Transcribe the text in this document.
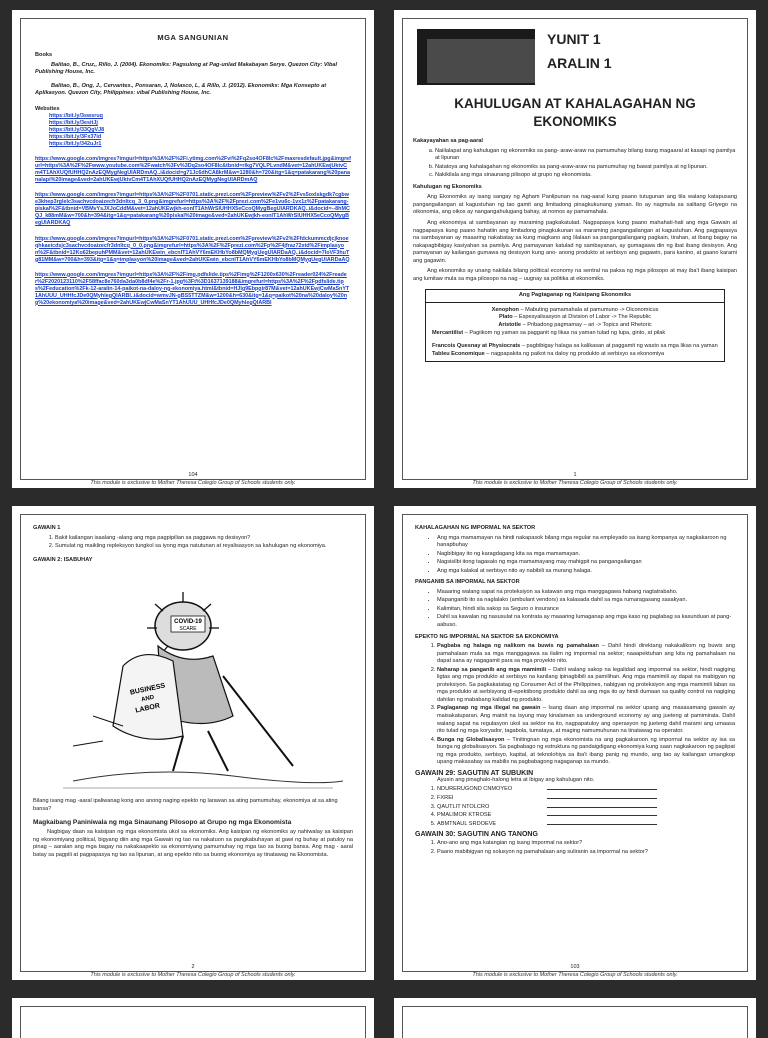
MGA SANGUNIAN
Books

Balitao, B., Cruz,, Rillo, J. (2004). Ekonomiks: Pagsulong at Pag-unlad Makabayan Serye. Quezon City: Vibal Publishing House, Inc.

Balitao, B., Ong, J., Cervantes., Ponsaran, J, Nolasco, L, & Rillo, J. (2012). Ekonomiks: Mga Konsepto at Aplikasyon. Quezon City, Philippines: vibal Publishing House, Inc.

Websites
https://bit.ly/3swsruq
https://bit.ly/3esitJj
https://bit.ly/33QgVJ8
https://bit.ly/3Fx37id
https://bit.ly/342uJr1
https://www.google.com/imgres?imgurl=https%3A%2F%2Fi.ytimg.com%2Fvi%2Fq2so4OF8lc%2Fmaxresdefault.jpg&imgrefurl=https%3A%2F%2Fwww.youtube.com%2Fwatch%3Fv%3Dq2so4OF8lc&tbnid=rlkg7VQLPLvndM&vet=12ahUKEwjUktvCm4T1AhXUQfUHHQ2nAzEQMygNegUIARDmAQ..i&docid=g71Jc6dhCA8krM&w=1280&h=720&itg=1&q=patakarang%20pananalapi%20image&ved=2ahUKEwjUktvCm4T1AhXUQfUHHQ2nAzEQMygNegUIARDmAQ
https://www.google.com/imgres?imgurl=https%3A%2F%2F0701.static.prezi.com%2Fpreview%2Fv2%2Fvs5oxlskgdk7cgbwe3khep3rglelc3sachvcdoaizecfr3dnltcq_3_0.png&imgrefurl=https%3A%2F%2Fprezi.com%2Fe1vu6c-1vx1z%2Fpatakarang-piskal%2F&tbnid=VBMvYsJXJoCddM&vet=12ahUKEwjkh-eonIT1AhWrSIUHHX5eCcoQMygBegUIARDKAQ..i&docid=--8hMCQJ_k88mM&w=700&h=394&itg=1&q=patakarang%20piskal%20image&ved=2ahUKEwjkh-eonIT1AhWrSIUHHX5eCcoQMygBegUIARDKAQ
https://www.google.com/imgres?imgurl=https%3A%2F%2F0701.static.prezi.com%2Fpreview%2Fv2%2Ffdckummcdjcjknoeqhkaeicdsjc3sachvcdoaizecfr3dnltcq_0_0.png&imgrefurl=https%3A%2F%2Fprezi.com%2Fp%2F4jfraz72xtd%2Fimplasyon%2F&tbnid=12Ko62bepuhPMM&vet=12ahUKEwin_ebcnIT1AhVY6mEKHbYo8bMQMygUegUIARDaAQ..i&docid=7IoVF3huTg81MM&w=700&h=393&itg=1&q=implasyon%20image&ved=2ahUKEwin_ebcnIT1AhVY6mEKHbYo8bMQMygUegUIARDaAQ
https://www.google.com/imgres?imgurl=https%3A%2F%2Fimg.pdfslide.tips%2Fimg%2F1200x630%2Freader024%2Freader%2F2020123110%2F58ffac8e760da3da0b8df4e%2Fr-1.jpg%3Ft%3D1637139188&imgrefurl=https%3A%2F%2Fpdfslide.tips%2Feducation%2Fk-12-aralin-14-paikot-na-daloy-ng-ekonomiya.html&tbnid=HJlg9Ebpgir87M&vet=12ahUKEwjCwMaSnYT1AhUUU_UHHfcJDe0QMyhlegQIARBI..i&docid=wmvJN-gBS5TTZM&w=1200&h=630&itg=1&q=paikot%20na%20daloy%20ng%20ekonomiya%20image&ved=2ahUKEwjCwMaSnYT1AhUUU_UHHfcJDe0QMyhlegQIARBI
104
This module is exclusive to Mother Theresa Colegio Group of Schools students only.
YUNIT 1
ARALIN 1
KAHULUGAN AT KAHALAGAHAN NG EKONOMIKS
Kakayayahan sa pag-aaral
a. Naiilalapat ang kahulugan ng ekonomiks sa pang- araw-araw na pamumuhay bilang isang magaaral at kasapi ng pamilya at lipunan
b. Natatoya ang kahalagahan ng ekonomiks sa pang-araw-araw na pamumuhay ng bawat pamilya at ng lipunan.
c. Nakikilala ang mga sinaunang pilisopo at grupo ng ekonomista.
Kahulugan ng Ekonomiks

Ang Ekonomiks ay isang sangay ng Agham Panlipunan na nag-aaral kung paano tutugunan ang tila walang katapusang pangangailangan at kagustuhan ng tao gamit ang limitadong pinagkukunang yaman. Ito ay nagmula sa salitang Griyego na oikonomia, ang oikos ay nangangahulugang bahay, at nomos ay pamamahala.

Ang ekonomiya at sambayanan ay maraming pagkakatulad. Nagpapasya kung paano mahahati-hati ang mga Gawain at nagpapasya kung paano hahatiin ang limitadong pinagkukunan sa maraming pangangailangan at kagustuhan. Ang pagpapasya na sambayanan ay maaaring nakabatay sa kung magkano ang lilalaan sa pangangailangang pagkain, tirahan, at ibang bagay na nakapagbibigay kasiyahan sa pamilya. Ang pamayanan katulad ng sambayanan, ay gumagawa din ng ibat ibang desisyon. Ang pamayanan ay kailangan gumawa ng desisyon kung ano- anong produkto at serbisyo ang gagawin, para kanino, at gaano karami ang gagawin.

Ang ekonomiks ay unang nakilala bilang political economy na sentral na paksa ng mga pilosopo at may iba't ibang kaisipan ang lumitaw mula sa mga pilosopo na nag – uugnay sa politika at ekonomiks.

Ang Pagtaganap ng Kaisipang Ekonomiks
Xenophon – Mabuting pamamahala at pamumuno -> Oiconomicus
Plato – Espesyalisasyon at Division of Labor -> The Republic
Aristotle – Pribadong pagmamay – ari -> Topics and Rhetoric
Mercantilist – Pagiikom ng yaman sa pagganit ng likas na yaman tulad ng lupa, ginto, at pilak
Francois Quesnay at Physiocrats – pagbibigay halaga sa kalikasan at paggamit ng wasto sa mga likas na yaman
Tableu Economique – nagpapakita ng paikot na daloy ng produkto at serbisyo sa ekonomiya
1
This module is exclusive to Mother Theresa Colegio Group of Schools students only.
GAWAIN 1
1. Bakit kailangan isaalang -alang ang mga pagpipilian sa paggawa ng desisyon?
2. Sumulat ng maikling repleksyon tungkol sa iyong mga natutunan at reyalisasyon sa kahulugan ng ekonomiya.
GAWAIN 2: ISABUHAY
COVID-19
SCARE
BUSINESS
AND
LABOR

Bilang isang mag -aaral ipaliwanag kong ano anong naging epekto ng larawan sa ating pamumuhay, ekonomiya at sa ating bansa?

Magkaibang Paniniwala ng mga Sinaunang Pilosopo at Grupo ng mga Ekonomista

Nagbigay daan sa kaisipan ng mga ekonomista ukol sa ekonomiks. Ang kaisipan ng ekonomiks ay nahiwalay sa kaisipan ng ekonomiyang political, bigyang diin ang mga Gawain ng tao na nakatuon sa pangkabuhayan at gawi ng buhay at patuloy na pinag – aaralan ang mga bagay na nakakaapekto sa ekonomiyang pamumuhay ng mga tao sa buong bansa. Ang mag - aaral batay sa pagpili at pagpapasya ng tao sa lipunan, at ang epekto nito sa buong ekonomiya ay tinatawag na Ekonomista.

2
This module is exclusive to Mother Theresa Colegio Group of Schools students only.
KAHALAGAHAN NG IMPORMAL NA SEKTOR
• Ang mga mamamayan na hindi nakapasok bilang mga regular na empleyado sa isang kompanya ay nagkakaroon ng hanapbuhay
• Nagbibigay ito ng karagdagang kita sa mga mamamayan.
• Nagsisilbi itong tagasalo ng mga mamamayang may mahigpit na pangangailangan
• Ang mga kalakal at serbisyo nito ay nabibili sa murang halaga.
PANGANIB SA IMPORMAL NA SEKTOR
• Maaaring walang sapat na proteksiyon sa katawan ang mga manggagawa habang nagtatrabaho.
• Mapanganib ito sa naglalako (ambulant vendors) sa kalasada dahil sa mga rumaragasang sasakyan.
• Kalimitan, hindi sila sakop sa Seguro o insurance
• Dahil sa kawalan ng nasusulat na kontrata ay maaaring lumaganap ang mga kaso ng paglabag sa kasunduan at pang-aabuso.
EPEKTO NG IMPORMAL NA SEKTOR SA EKONOMIYA
1. Pagbaba ng halaga ng nalikom na buwis ng pamahalaan – Dahil hindi direktang nakakalikom ng buwis ang pamahalaan mula sa mga manggagawa sa ilalim ng impormal na sektor; naaapektuhan ang kita ng pamahalaan na dapat sana ay nagagamit para sa mga proyekto nito.
2. Naharap sa panganib ang mga mamimili – Dahil walang sakop na legalidad ang impormal na sektor, hindi nagiging ligtas ang mga produkto at serbisyo na kanilang ipinagbibili sa pamilihan. Ang mga mamimili ay dapat na mabigyan ng proteksiyon. Sa pagkakatatag ng Consumer Act of the Philippines, nabigyan ng proteksiyon ang mga mamimili laban sa mga produkto at serbisyong di-epektibong produkto dahil sa ang mga ito ay hindi dumaan sa quality control na nagiging dahilan ng mababang kalidad ng produkto.
3. Paglaganap ng mga illegal na gawain – Isang daan ang impormal na sektor upang ang masasamang gawain ay maisakatuparan. Ang mainit na isyung may kinalaman sa underground economy ay ang jueteng at pamimirata. Dahil walang sapat na regulasyon ukol sa sektor na ito, nagpapatuloy ang operasyon ng jueteng dahil marami ang umaasa rito tulad ng mga koryador, tagabola, tumataya, at maging namumuhunan na tinatawag na operator.
4. Bunga ng Globalisasyon – Tinitingnan ng mga ekonomista na ang pagkakaroon ng impormal na sektor ay isa sa bunga ng globalisasyon. Sa pagbabago ng estruktura ng pandaigdigang ekonomiya kung saan nagkakaroon ng pagiipat ng mga produkto, serbisyo, kapital, at teknolohiya sa iba't ibang panig ng mundo, ang tao ay kailangan umangkop upang makasabay sa mabilis na pagbabagong nagaganap sa mundo.
GAWAIN 29: SAGUTIN AT SUBUKIN
Ayusin ang pinaghalo-halong letra at ibigay ang kahulugan nito.
1. NDURERUGOND CNMOYEO
2. FXREI
3. QAUTLIT NTOLCRO
4. PMALIMOR KTROSE
5. ABMTNAUL SRDOEVE
GAWAIN 30: SAGUTIN ANG TANONG
1. Ano-ano ang mga katangian ng isang impormal na sektor?
2. Paano mabibigyan ng solusyon ng pamahalaan ang suliranin sa impormal na sektor?
103
This module is exclusive to Mother Theresa Colegio Group of Schools students only.
